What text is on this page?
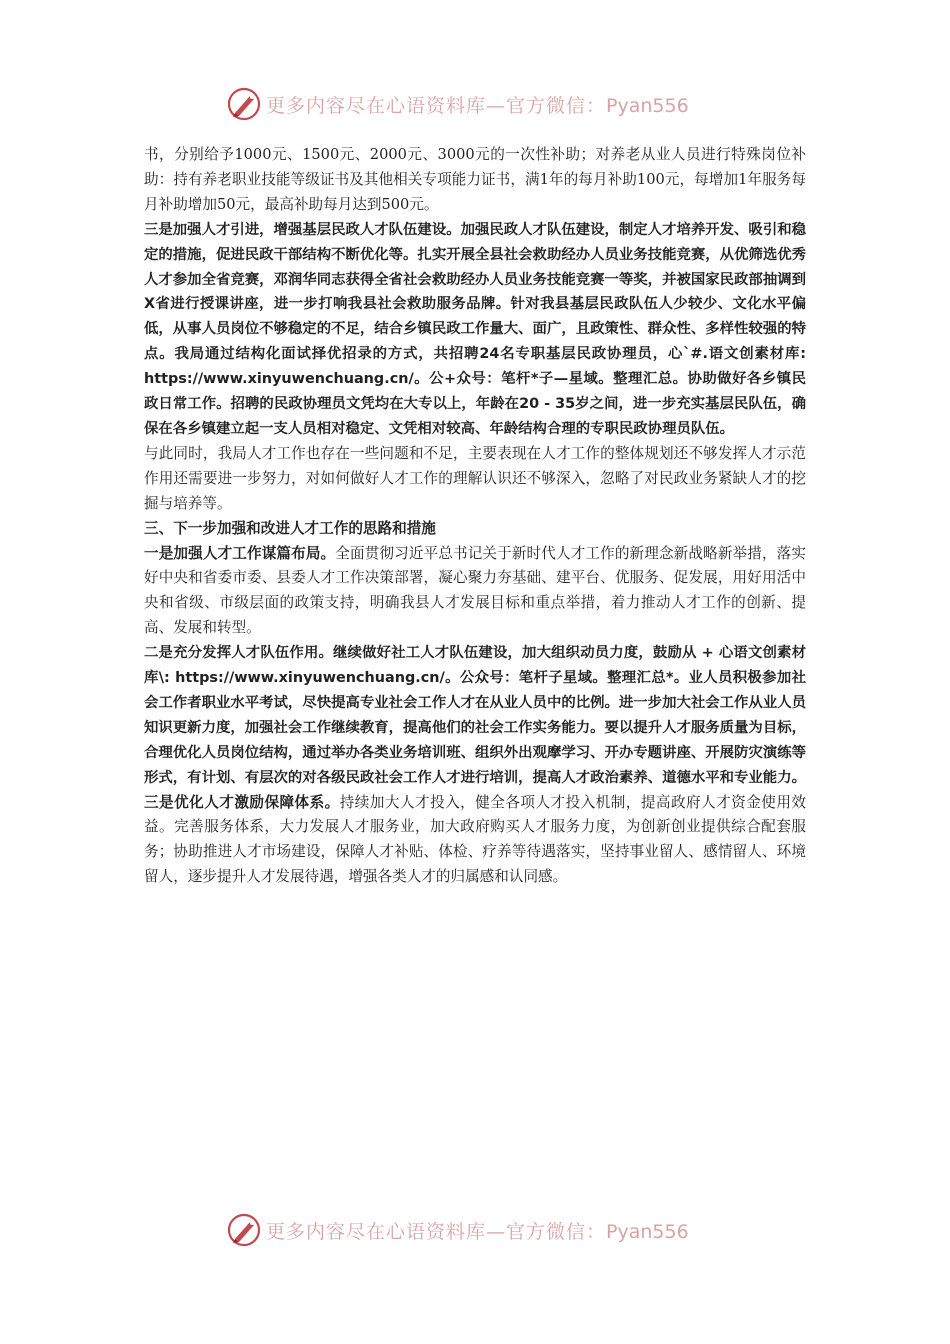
更多内容尽在心语资料库—官方微信：Pyan556

书，分别给予1000元、1500元、2000元、3000元的一次性补助；对养老从业人员进行特殊岗位补助：持有养老职业技能等级证书及其他相关专项能力证书，满1年的每月补助100元，每增加1年服务每月补助增加50元，最高补助每月达到500元。

三是加强人才引进，增强基层民政人才队伍建设。加强民政人才队伍建设，制定人才培养开发、吸引和稳定的措施，促进民政干部结构不断优化等。扎实开展全县社会救助经办人员业务技能竞赛，从优筛选优秀人才参加全省竞赛，邓润华同志获得全省社会救助经办人员业务技能竞赛一等奖，并被国家民政部抽调到X省进行授课讲座，进一步打响我县社会救助服务品牌。针对我县基层民政队伍人少较少、文化水平偏低，从事人员岗位不够稳定的不足，结合乡镇民政工作量大、面广，且政策性、群众性、多样性较强的特点。我局通过结构化面试择优招录的方式，共招聘24名专职基层民政协理员，心`#.语文创素材库: https://www.xinyuwenchuang.cn/。公+众号：笔杆*子—星域。整理汇总。协助做好各乡镇民政日常工作。招聘的民政协理员文凭均在大专以上，年龄在20 - 35岁之间，进一步充实基层民队伍，确保在各乡镇建立起一支人员相对稳定、文凭相对较高、年龄结构合理的专职民政协理员队伍。

与此同时，我局人才工作也存在一些问题和不足，主要表现在人才工作的整体规划还不够发挥人才示范作用还需要进一步努力，对如何做好人才工作的理解认识还不够深入，忽略了对民政业务紧缺人才的挖掘与培养等。

三、下一步加强和改进人才工作的思路和措施

一是加强人才工作谋篇布局。全面贯彻习近平总书记关于新时代人才工作的新理念新战略新举措，落实好中央和省委市委、县委人才工作决策部署，凝心聚力夯基础、建平台、优服务、促发展，用好用活中央和省级、市级层面的政策支持，明确我县人才发展目标和重点举措，着力推动人才工作的创新、提高、发展和转型。

二是充分发挥人才队伍作用。继续做好社工人才队伍建设，加大组织动员力度，鼓励从 + 心语文创素材库\: https://www.xinyuwenchuang.cn/。公众号：笔杆子星域。整理汇总*。业人员积极参加社会工作者职业水平考试，尽快提高专业社会工作人才在从业人员中的比例。进一步加大社会工作从业人员知识更新力度，加强社会工作继续教育，提高他们的社会工作实务能力。要以提升人才服务质量为目标，合理优化人员岗位结构，通过举办各类业务培训班、组织外出观摩学习、开办专题讲座、开展防灾演练等形式，有计划、有层次的对各级民政社会工作人才进行培训，提高人才政治素养、道德水平和专业能力。

三是优化人才激励保障体系。持续加大人才投入，健全各项人才投入机制，提高政府人才资金使用效益。完善服务体系，大力发展人才服务业，加大政府购买人才服务力度，为创新创业提供综合配套服务；协助推进人才市场建设，保障人才补贴、体检、疗养等待遇落实，坚持事业留人、感情留人、环境留人，逐步提升人才发展待遇，增强各类人才的归属感和认同感。

更多内容尽在心语资料库—官方微信：Pyan556
